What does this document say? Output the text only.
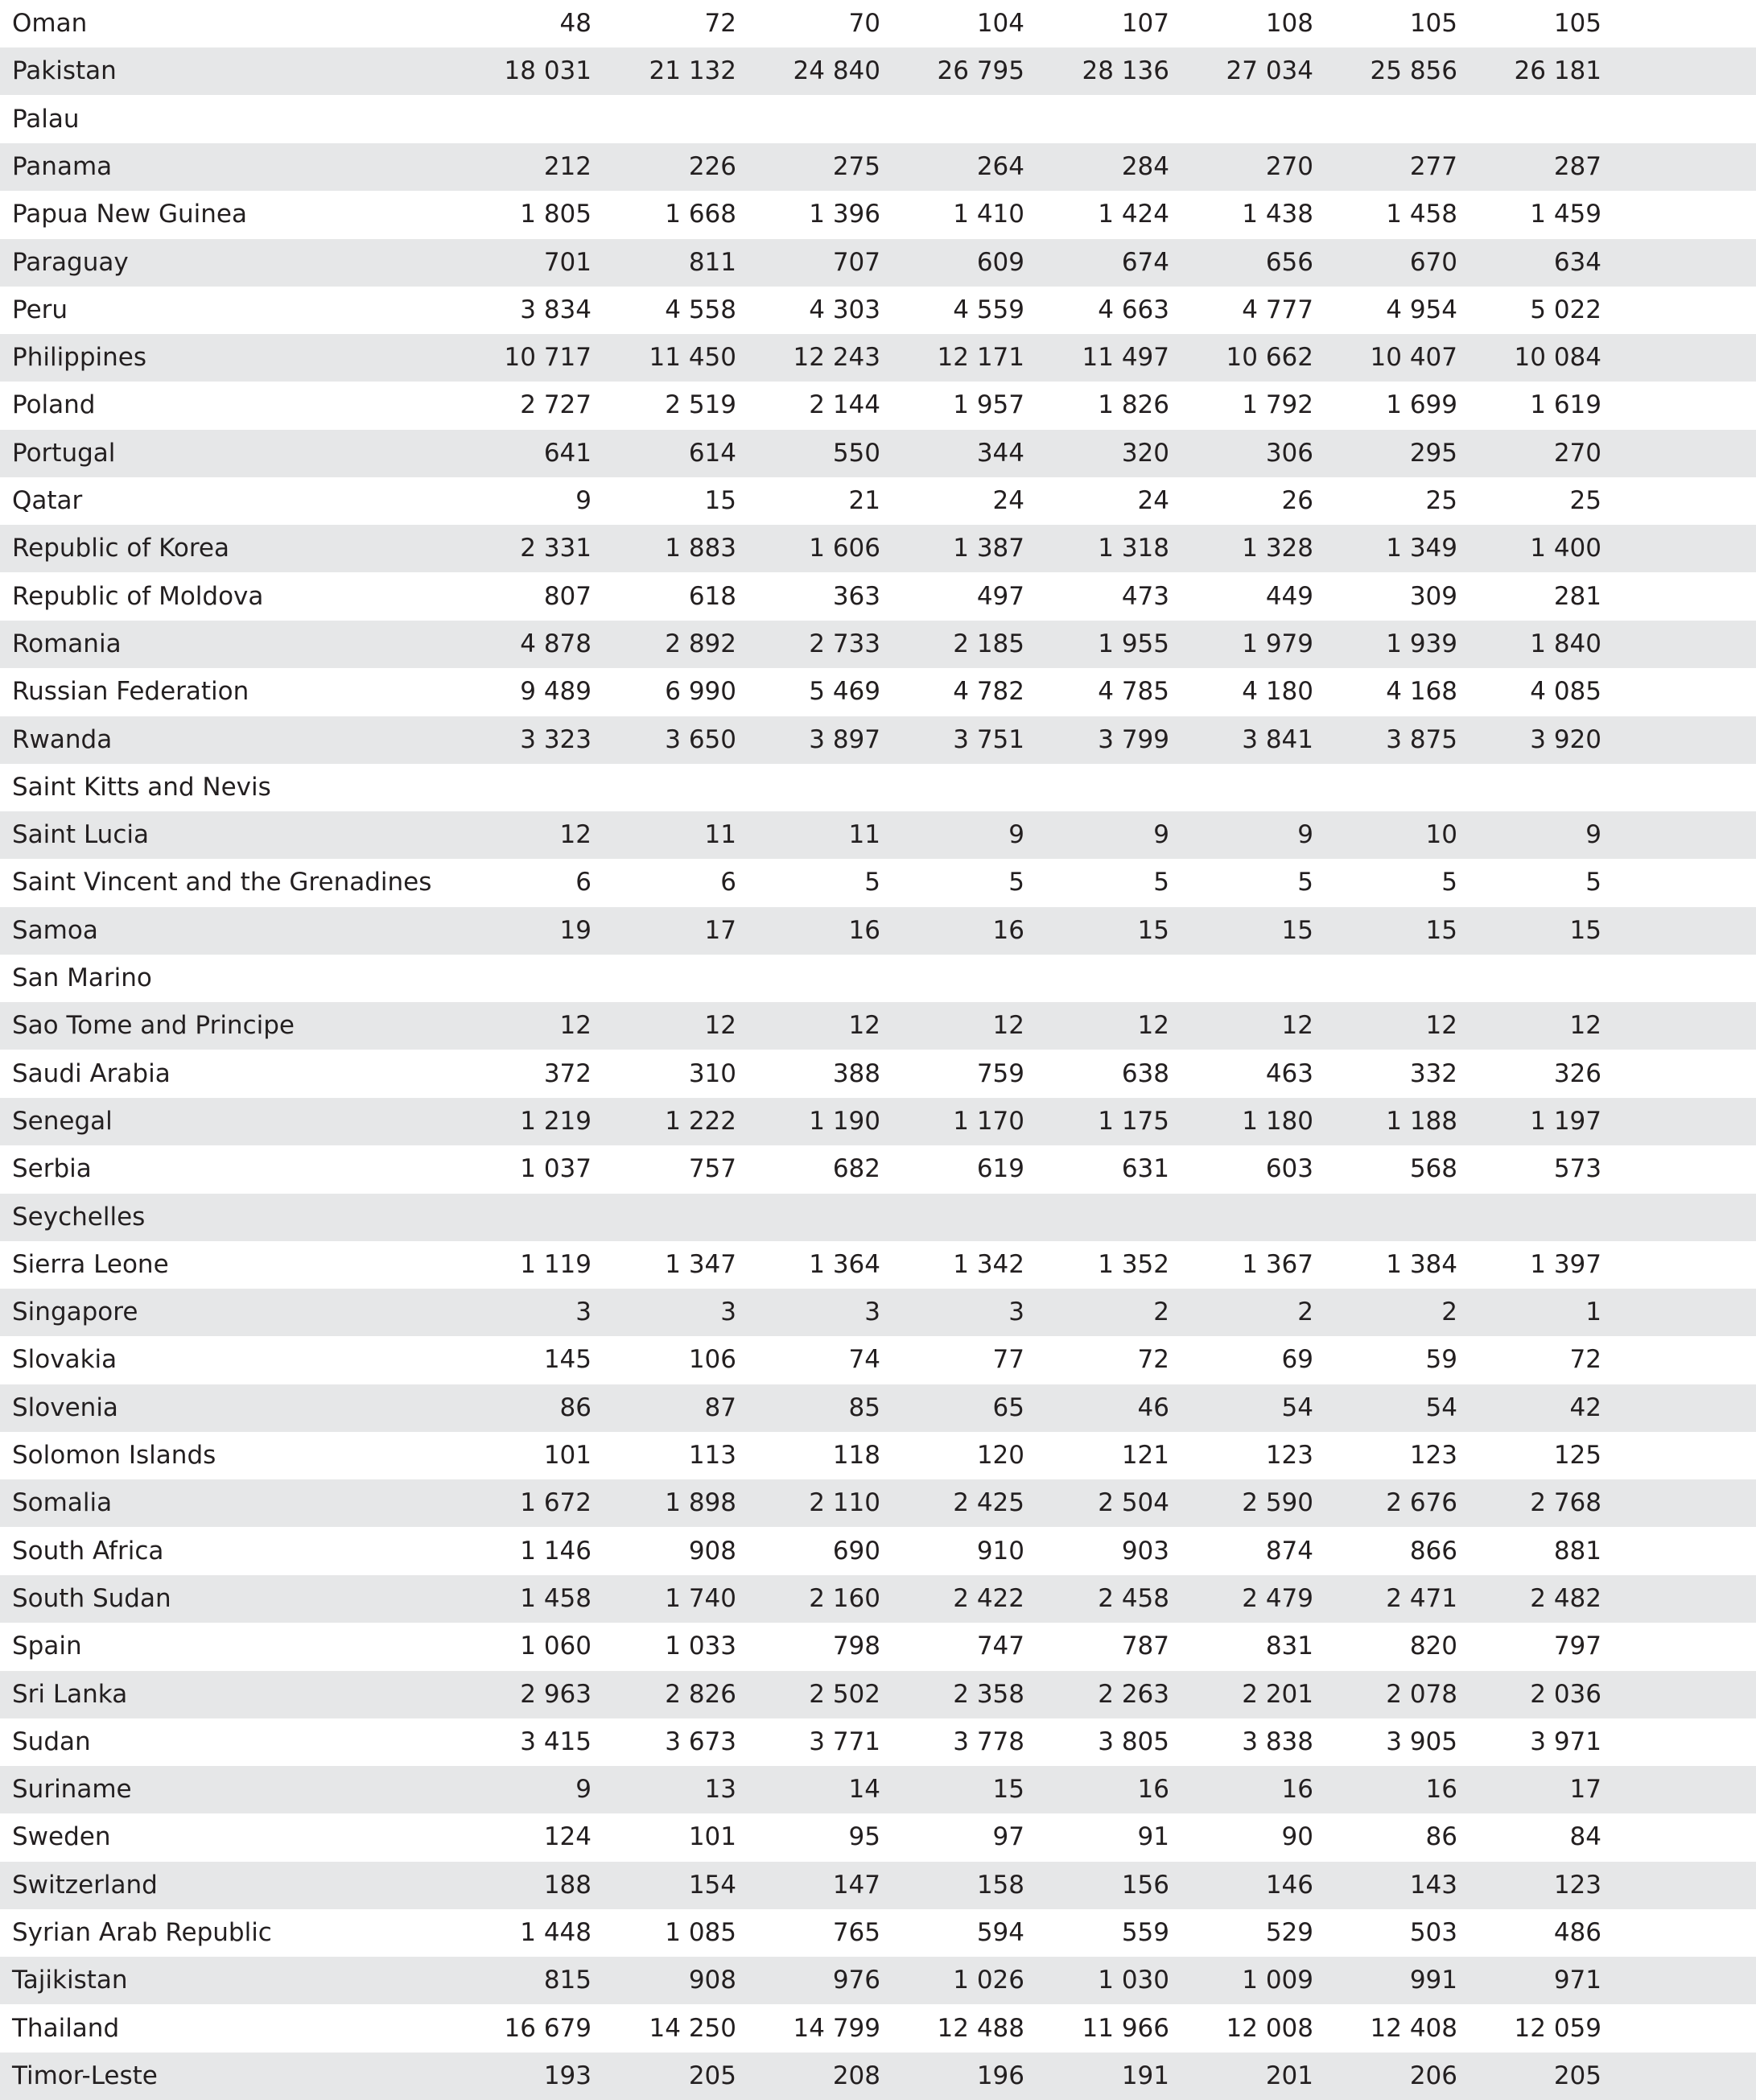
Oman	48	72	70	104	107	108	105	105
Pakistan	18 031	21 132	24 840	26 795	28 136	27 034	25 856	26 181
Palau
Panama	212	226	275	264	284	270	277	287
Papua New Guinea	1 805	1 668	1 396	1 410	1 424	1 438	1 458	1 459
Paraguay	701	811	707	609	674	656	670	634
Peru	3 834	4 558	4 303	4 559	4 663	4 777	4 954	5 022
Philippines	10 717	11 450	12 243	12 171	11 497	10 662	10 407	10 084
Poland	2 727	2 519	2 144	1 957	1 826	1 792	1 699	1 619
Portugal	641	614	550	344	320	306	295	270
Qatar	9	15	21	24	24	26	25	25
Republic of Korea	2 331	1 883	1 606	1 387	1 318	1 328	1 349	1 400
Republic of Moldova	807	618	363	497	473	449	309	281
Romania	4 878	2 892	2 733	2 185	1 955	1 979	1 939	1 840
Russian Federation	9 489	6 990	5 469	4 782	4 785	4 180	4 168	4 085
Rwanda	3 323	3 650	3 897	3 751	3 799	3 841	3 875	3 920
Saint Kitts and Nevis
Saint Lucia	12	11	11	9	9	9	10	9
Saint Vincent and the Grenadines	6	6	5	5	5	5	5	5
Samoa	19	17	16	16	15	15	15	15
San Marino
Sao Tome and Principe	12	12	12	12	12	12	12	12
Saudi Arabia	372	310	388	759	638	463	332	326
Senegal	1 219	1 222	1 190	1 170	1 175	1 180	1 188	1 197
Serbia	1 037	757	682	619	631	603	568	573
Seychelles
Sierra Leone	1 119	1 347	1 364	1 342	1 352	1 367	1 384	1 397
Singapore	3	3	3	3	2	2	2	1
Slovakia	145	106	74	77	72	69	59	72
Slovenia	86	87	85	65	46	54	54	42
Solomon Islands	101	113	118	120	121	123	123	125
Somalia	1 672	1 898	2 110	2 425	2 504	2 590	2 676	2 768
South Africa	1 146	908	690	910	903	874	866	881
South Sudan	1 458	1 740	2 160	2 422	2 458	2 479	2 471	2 482
Spain	1 060	1 033	798	747	787	831	820	797
Sri Lanka	2 963	2 826	2 502	2 358	2 263	2 201	2 078	2 036
Sudan	3 415	3 673	3 771	3 778	3 805	3 838	3 905	3 971
Suriname	9	13	14	15	16	16	16	17
Sweden	124	101	95	97	91	90	86	84
Switzerland	188	154	147	158	156	146	143	123
Syrian Arab Republic	1 448	1 085	765	594	559	529	503	486
Tajikistan	815	908	976	1 026	1 030	1 009	991	971
Thailand	16 679	14 250	14 799	12 488	11 966	12 008	12 408	12 059
Timor-Leste	193	205	208	196	191	201	206	205
